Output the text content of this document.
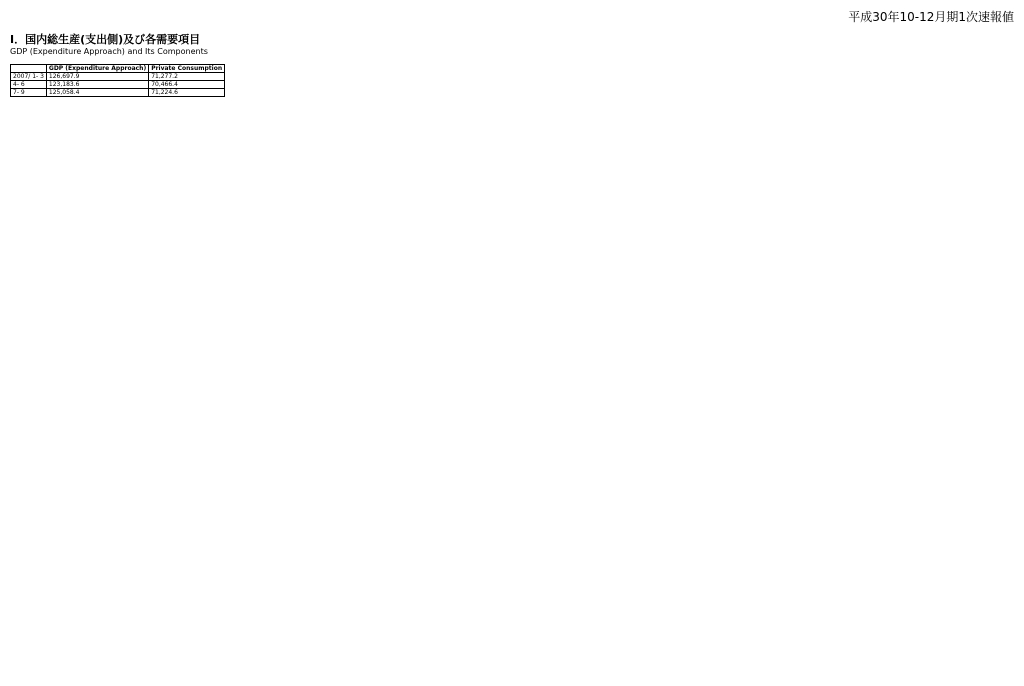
平成30年10-12月期1次速報値
I．国内総生産(支出側)及び各需要項目
GDP (Expenditure Approach) and Its Components
	GDP (Expenditure Approach)	Private Consumption
2007/ 1- 3	126,697.9	71,277.2
4- 6	123,183.6	70,466.4
7- 9	125,058.4	71,224.6
